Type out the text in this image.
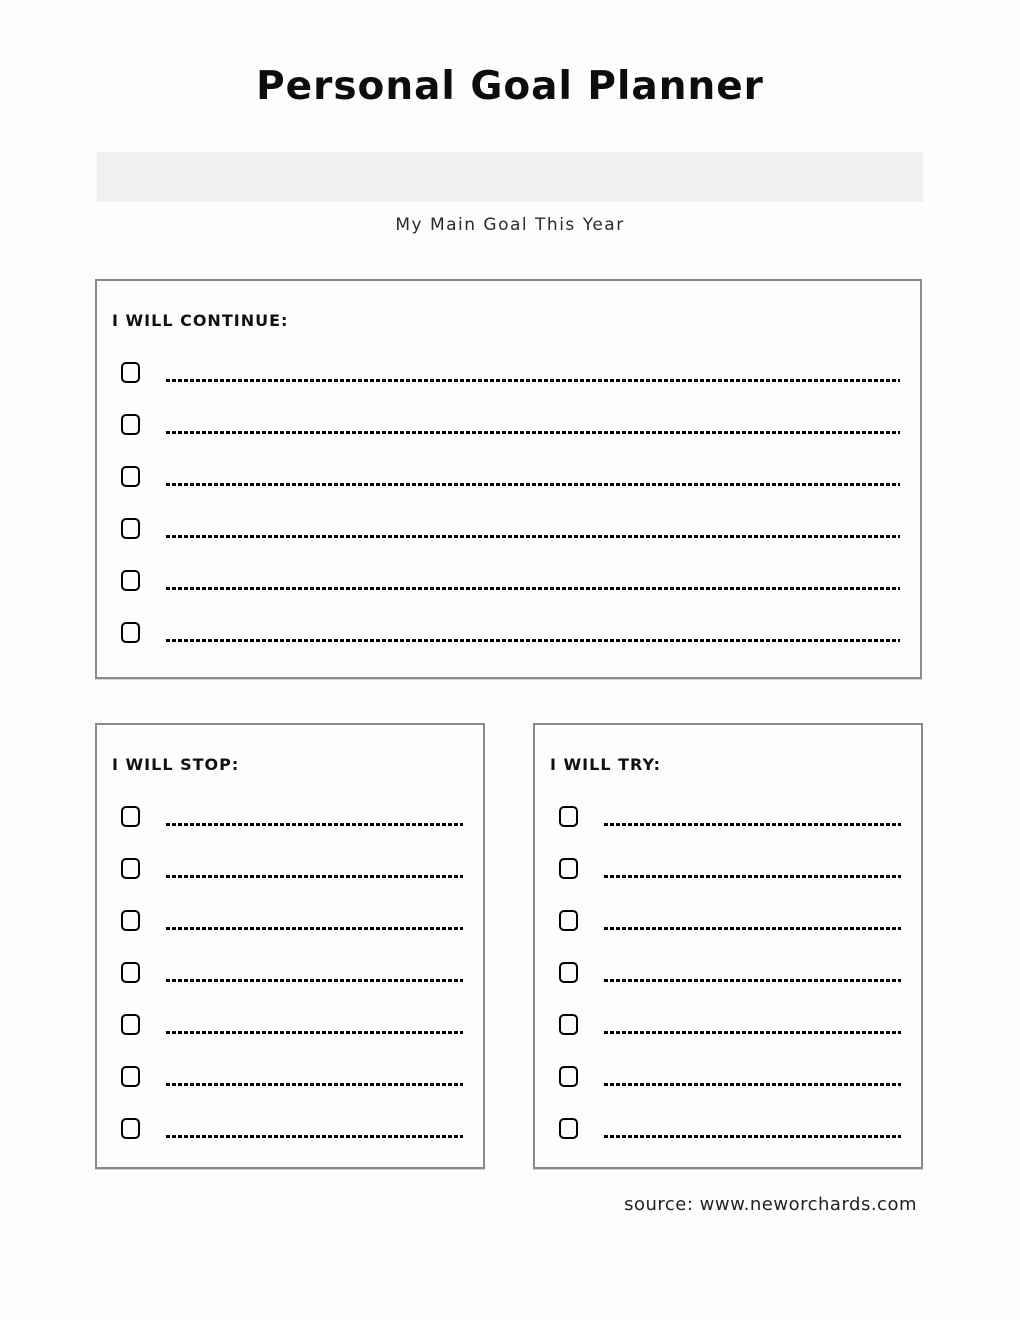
Personal Goal Planner
My Main Goal This Year
I WILL CONTINUE:
I WILL STOP:	I WILL TRY:
source: www.neworchards.com
